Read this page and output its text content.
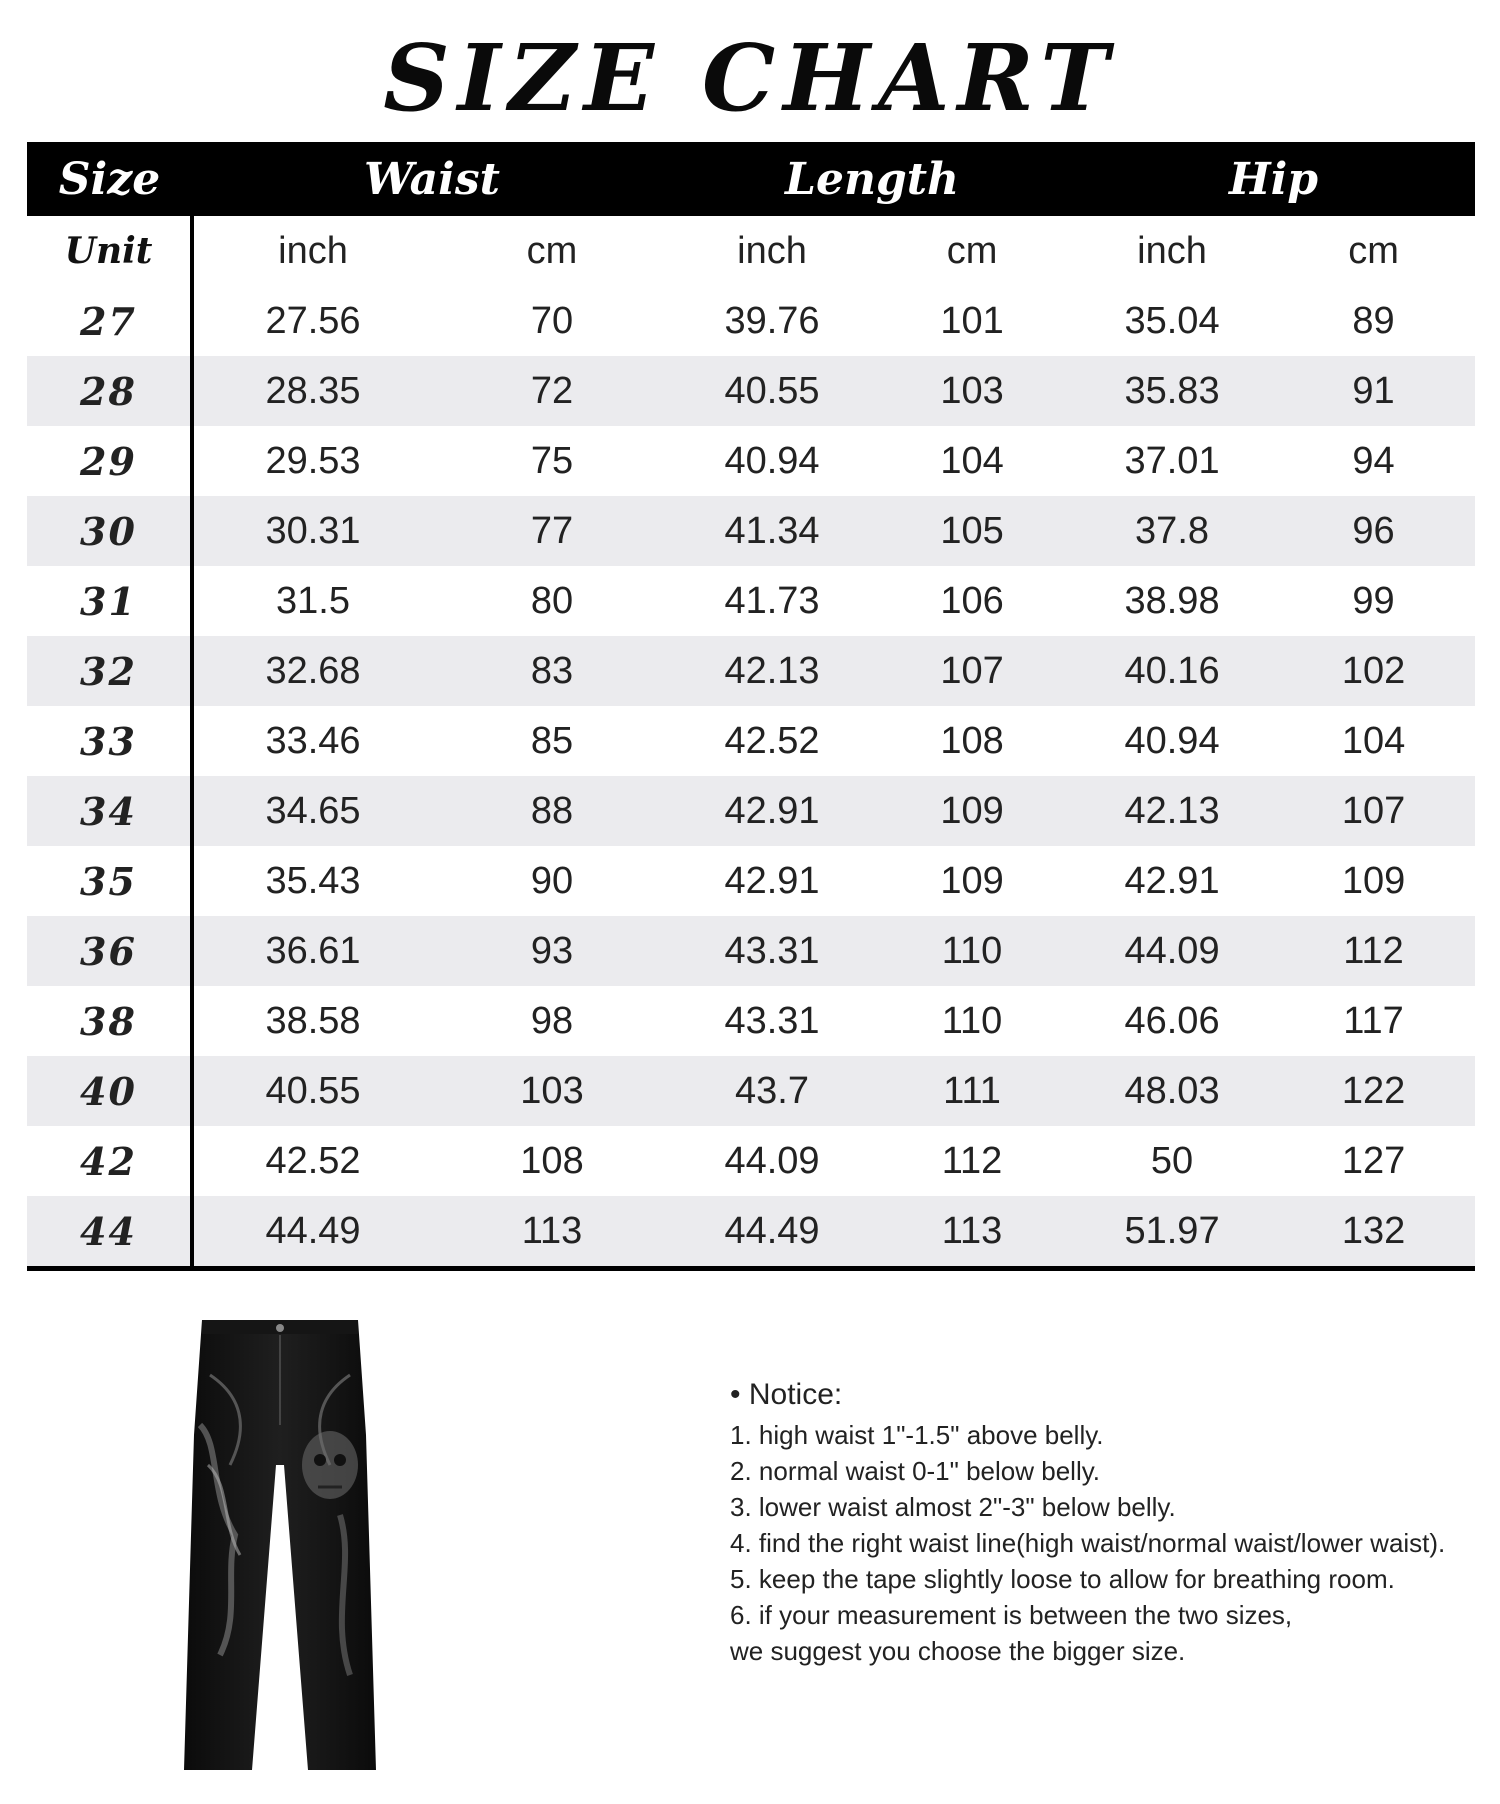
SIZE CHART
Size	Waist		Length		Hip	
Unit	inch	cm	inch	cm	inch	cm
27	27.56	70	39.76	101	35.04	89
28	28.35	72	40.55	103	35.83	91
29	29.53	75	40.94	104	37.01	94
30	30.31	77	41.34	105	37.8	96
31	31.5	80	41.73	106	38.98	99
32	32.68	83	42.13	107	40.16	102
33	33.46	85	42.52	108	40.94	104
34	34.65	88	42.91	109	42.13	107
35	35.43	90	42.91	109	42.91	109
36	36.61	93	43.31	110	44.09	112
38	38.58	98	43.31	110	46.06	117
40	40.55	103	43.7	111	48.03	122
42	42.52	108	44.09	112	50	127
44	44.49	113	44.49	113	51.97	132
• Notice:
1. high waist 1"-1.5" above belly.
2. normal waist 0-1" below belly.
3. lower waist almost 2"-3" below belly.
4. find the right waist line(high waist/normal waist/lower waist).
5. keep the tape slightly loose to allow for breathing room.
6. if your measurement is between the two sizes,
we suggest you choose the bigger size.
